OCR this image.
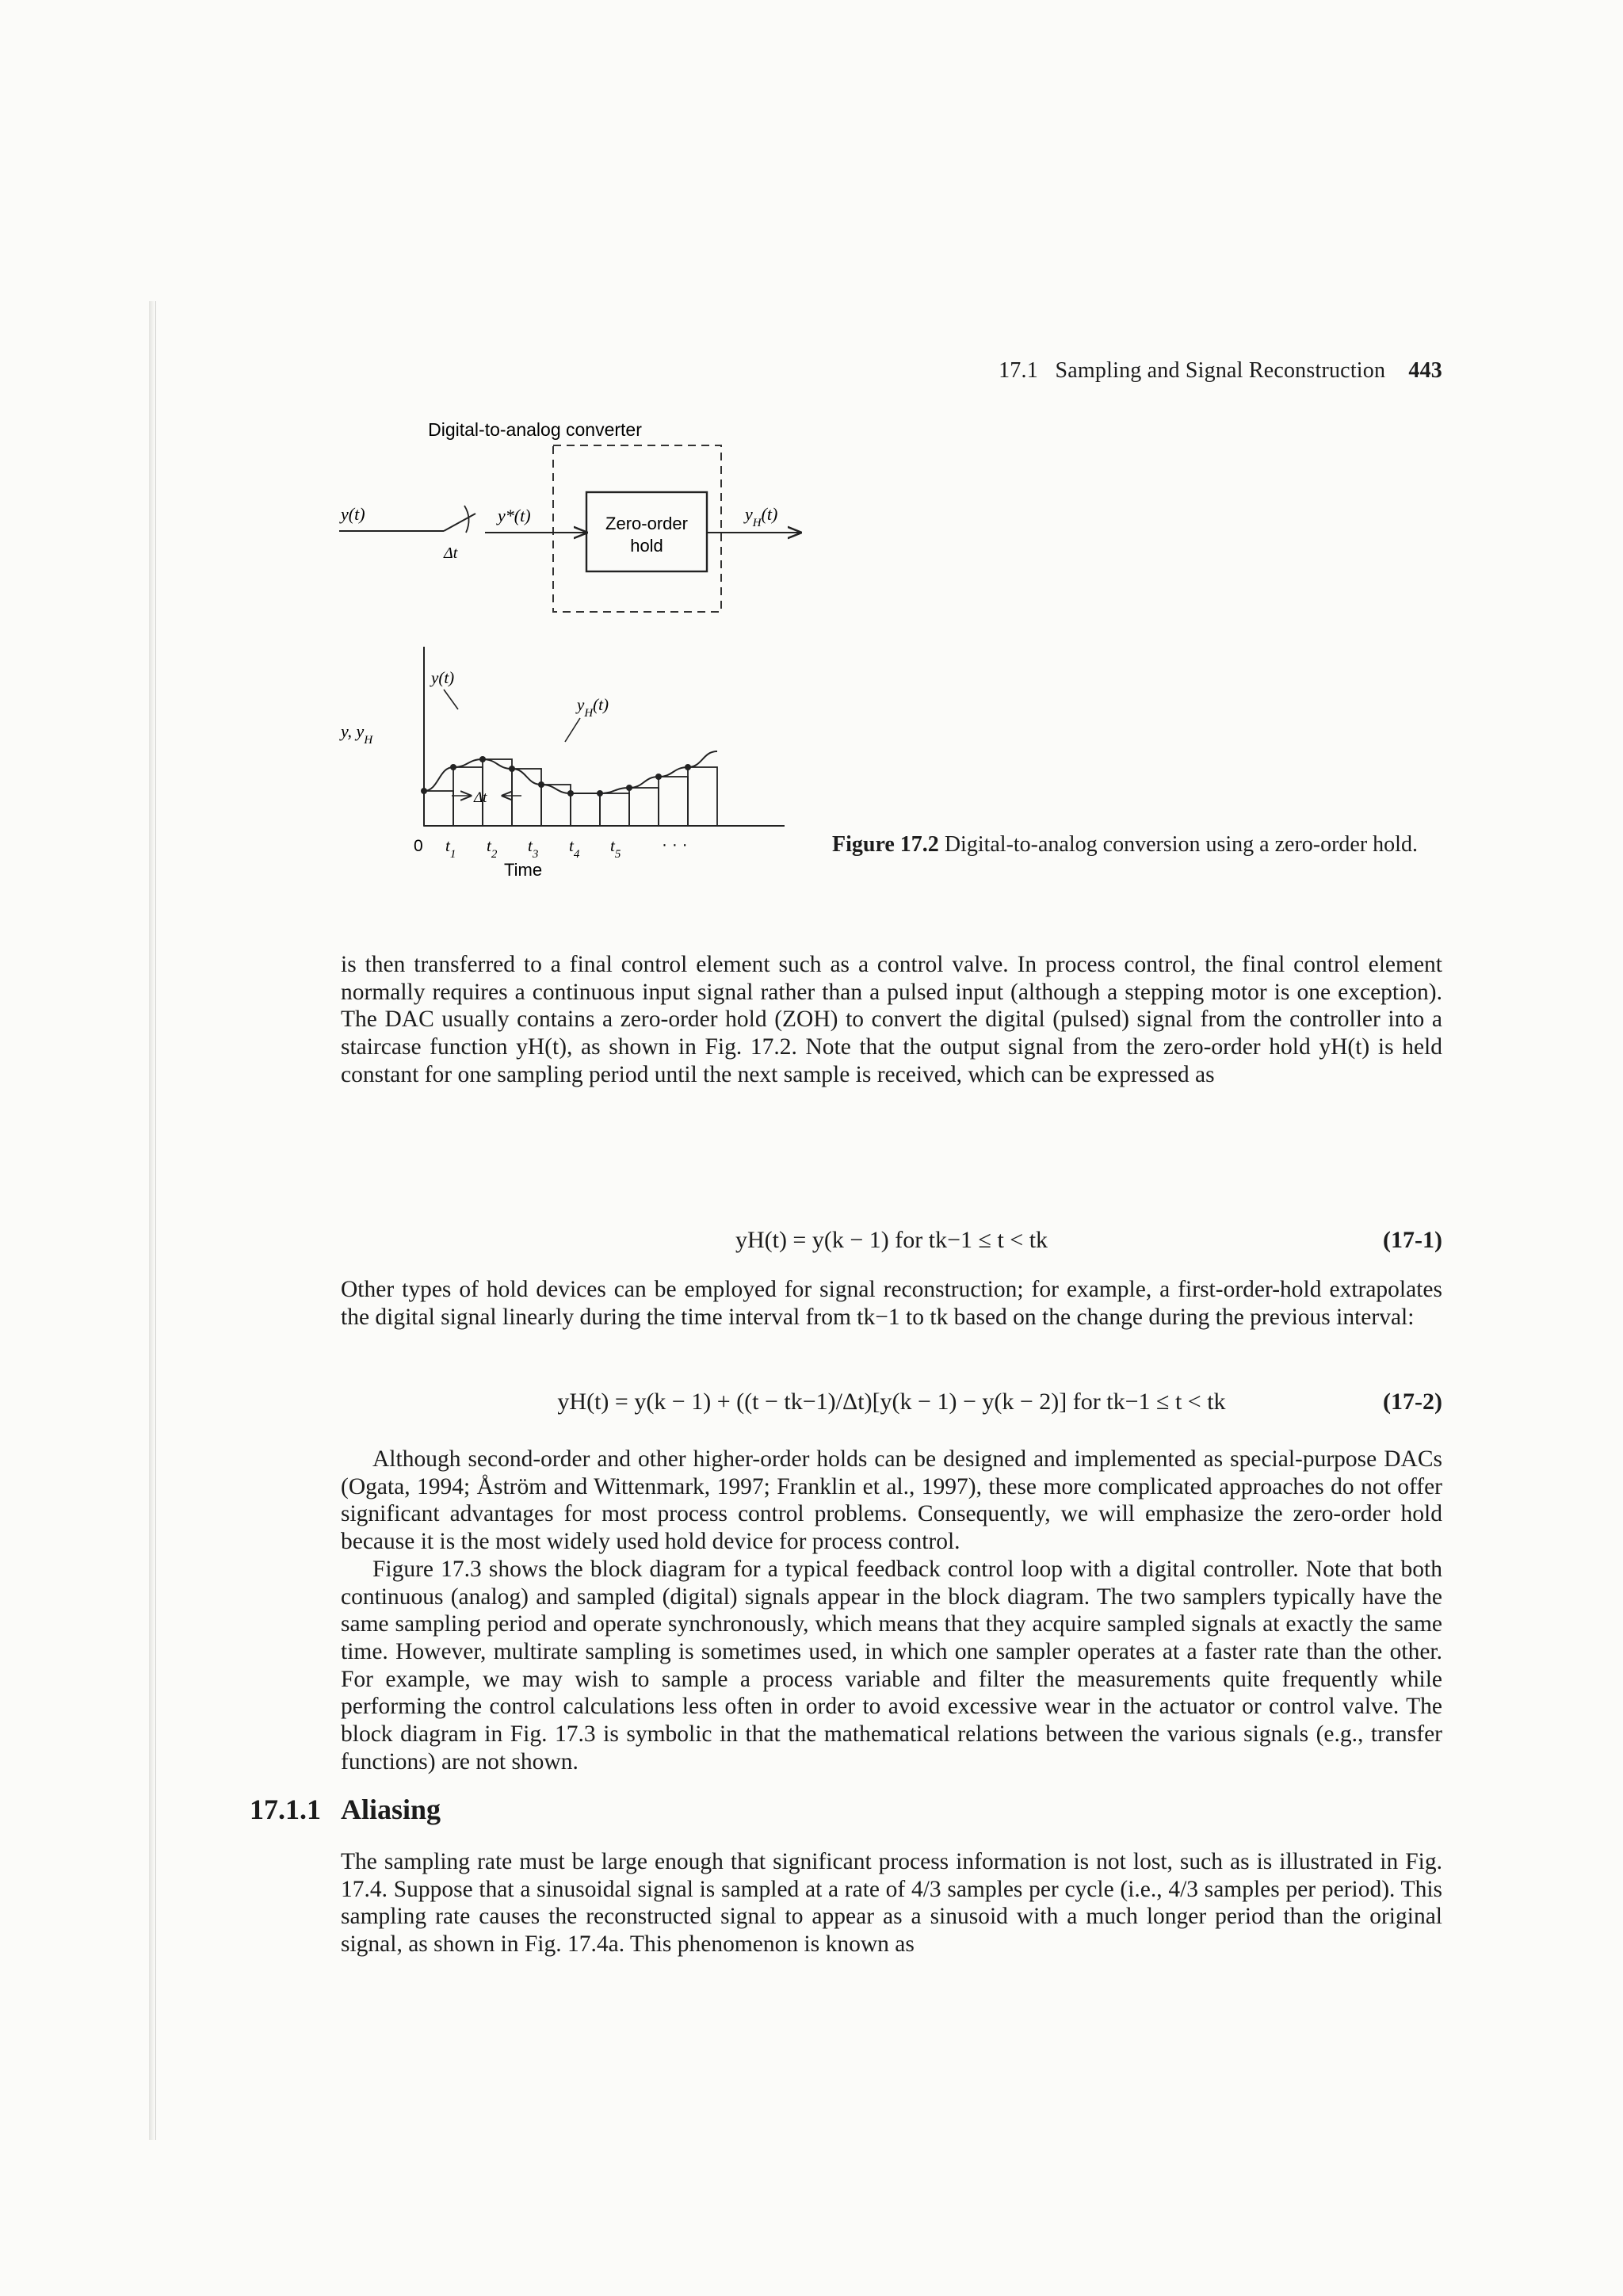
17.1 Sampling and Signal Reconstruction 443
Digital-to-analog converter
Zero-order
hold
y(t)
Δt
y*(t)	$y_H(t)$
y, $y_H$
y(t)
$y_H(t)$
Δt
0 $t_1$ $t_2$ $t_3$ $t_4$ $t_5$
· · ·
Time
Figure 17.2 Digital-to-analog conversion using a zero-order hold.

is then transferred to a final control element such as a control valve. In process control, the final control element normally requires a continuous input signal rather than a pulsed input (although a stepping motor is one exception). The DAC usually contains a zero-order hold (ZOH) to convert the digital (pulsed) signal from the controller into a staircase function yH(t), as shown in Fig. 17.2. Note that the output signal from the zero-order hold yH(t) is held constant for one sampling period until the next sample is received, which can be expressed as

yH(t) = y(k − 1) for tk−1 ≤ t < tk	(17-1)

Other types of hold devices can be employed for signal reconstruction; for example, a first-order-hold extrapolates the digital signal linearly during the time interval from tk−1 to tk based on the change during the previous interval:

yH(t) = y(k − 1) + ((t − tk−1)/Δt)[y(k − 1) − y(k − 2)] for tk−1 ≤ t < tk	(17-2)

Although second-order and other higher-order holds can be designed and implemented as special-purpose DACs (Ogata, 1994; Åström and Wittenmark, 1997; Franklin et al., 1997), these more complicated approaches do not offer significant advantages for most process control problems. Consequently, we will emphasize the zero-order hold because it is the most widely used hold device for process control.

Figure 17.3 shows the block diagram for a typical feedback control loop with a digital controller. Note that both continuous (analog) and sampled (digital) signals appear in the block diagram. The two samplers typically have the same sampling period and operate synchronously, which means that they acquire sampled signals at exactly the same time. However, multirate sampling is sometimes used, in which one sampler operates at a faster rate than the other. For example, we may wish to sample a process variable and filter the measurements quite frequently while performing the control calculations less often in order to avoid excessive wear in the actuator or control valve. The block diagram in Fig. 17.3 is symbolic in that the mathematical relations between the various signals (e.g., transfer functions) are not shown.

17.1.1 Aliasing

The sampling rate must be large enough that significant process information is not lost, such as is illustrated in Fig. 17.4. Suppose that a sinusoidal signal is sampled at a rate of 4/3 samples per cycle (i.e., 4/3 samples per period). This sampling rate causes the reconstructed signal to appear as a sinusoid with a much longer period than the original signal, as shown in Fig. 17.4a. This phenomenon is known as
